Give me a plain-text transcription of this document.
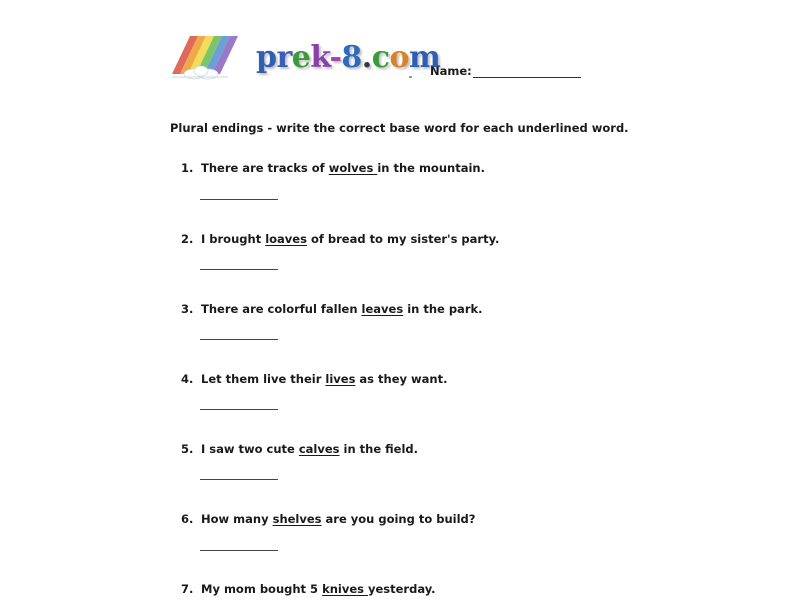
prek-8.com
Name:
Plural endings - write the correct base word for each underlined word.
1. There are tracks of wolves in the mountain.
2. I brought loaves of bread to my sister's party.
3. There are colorful fallen leaves in the park.
4. Let them live their lives as they want.
5. I saw two cute calves in the field.
6. How many shelves are you going to build?
7. My mom bought 5 knives yesterday.
